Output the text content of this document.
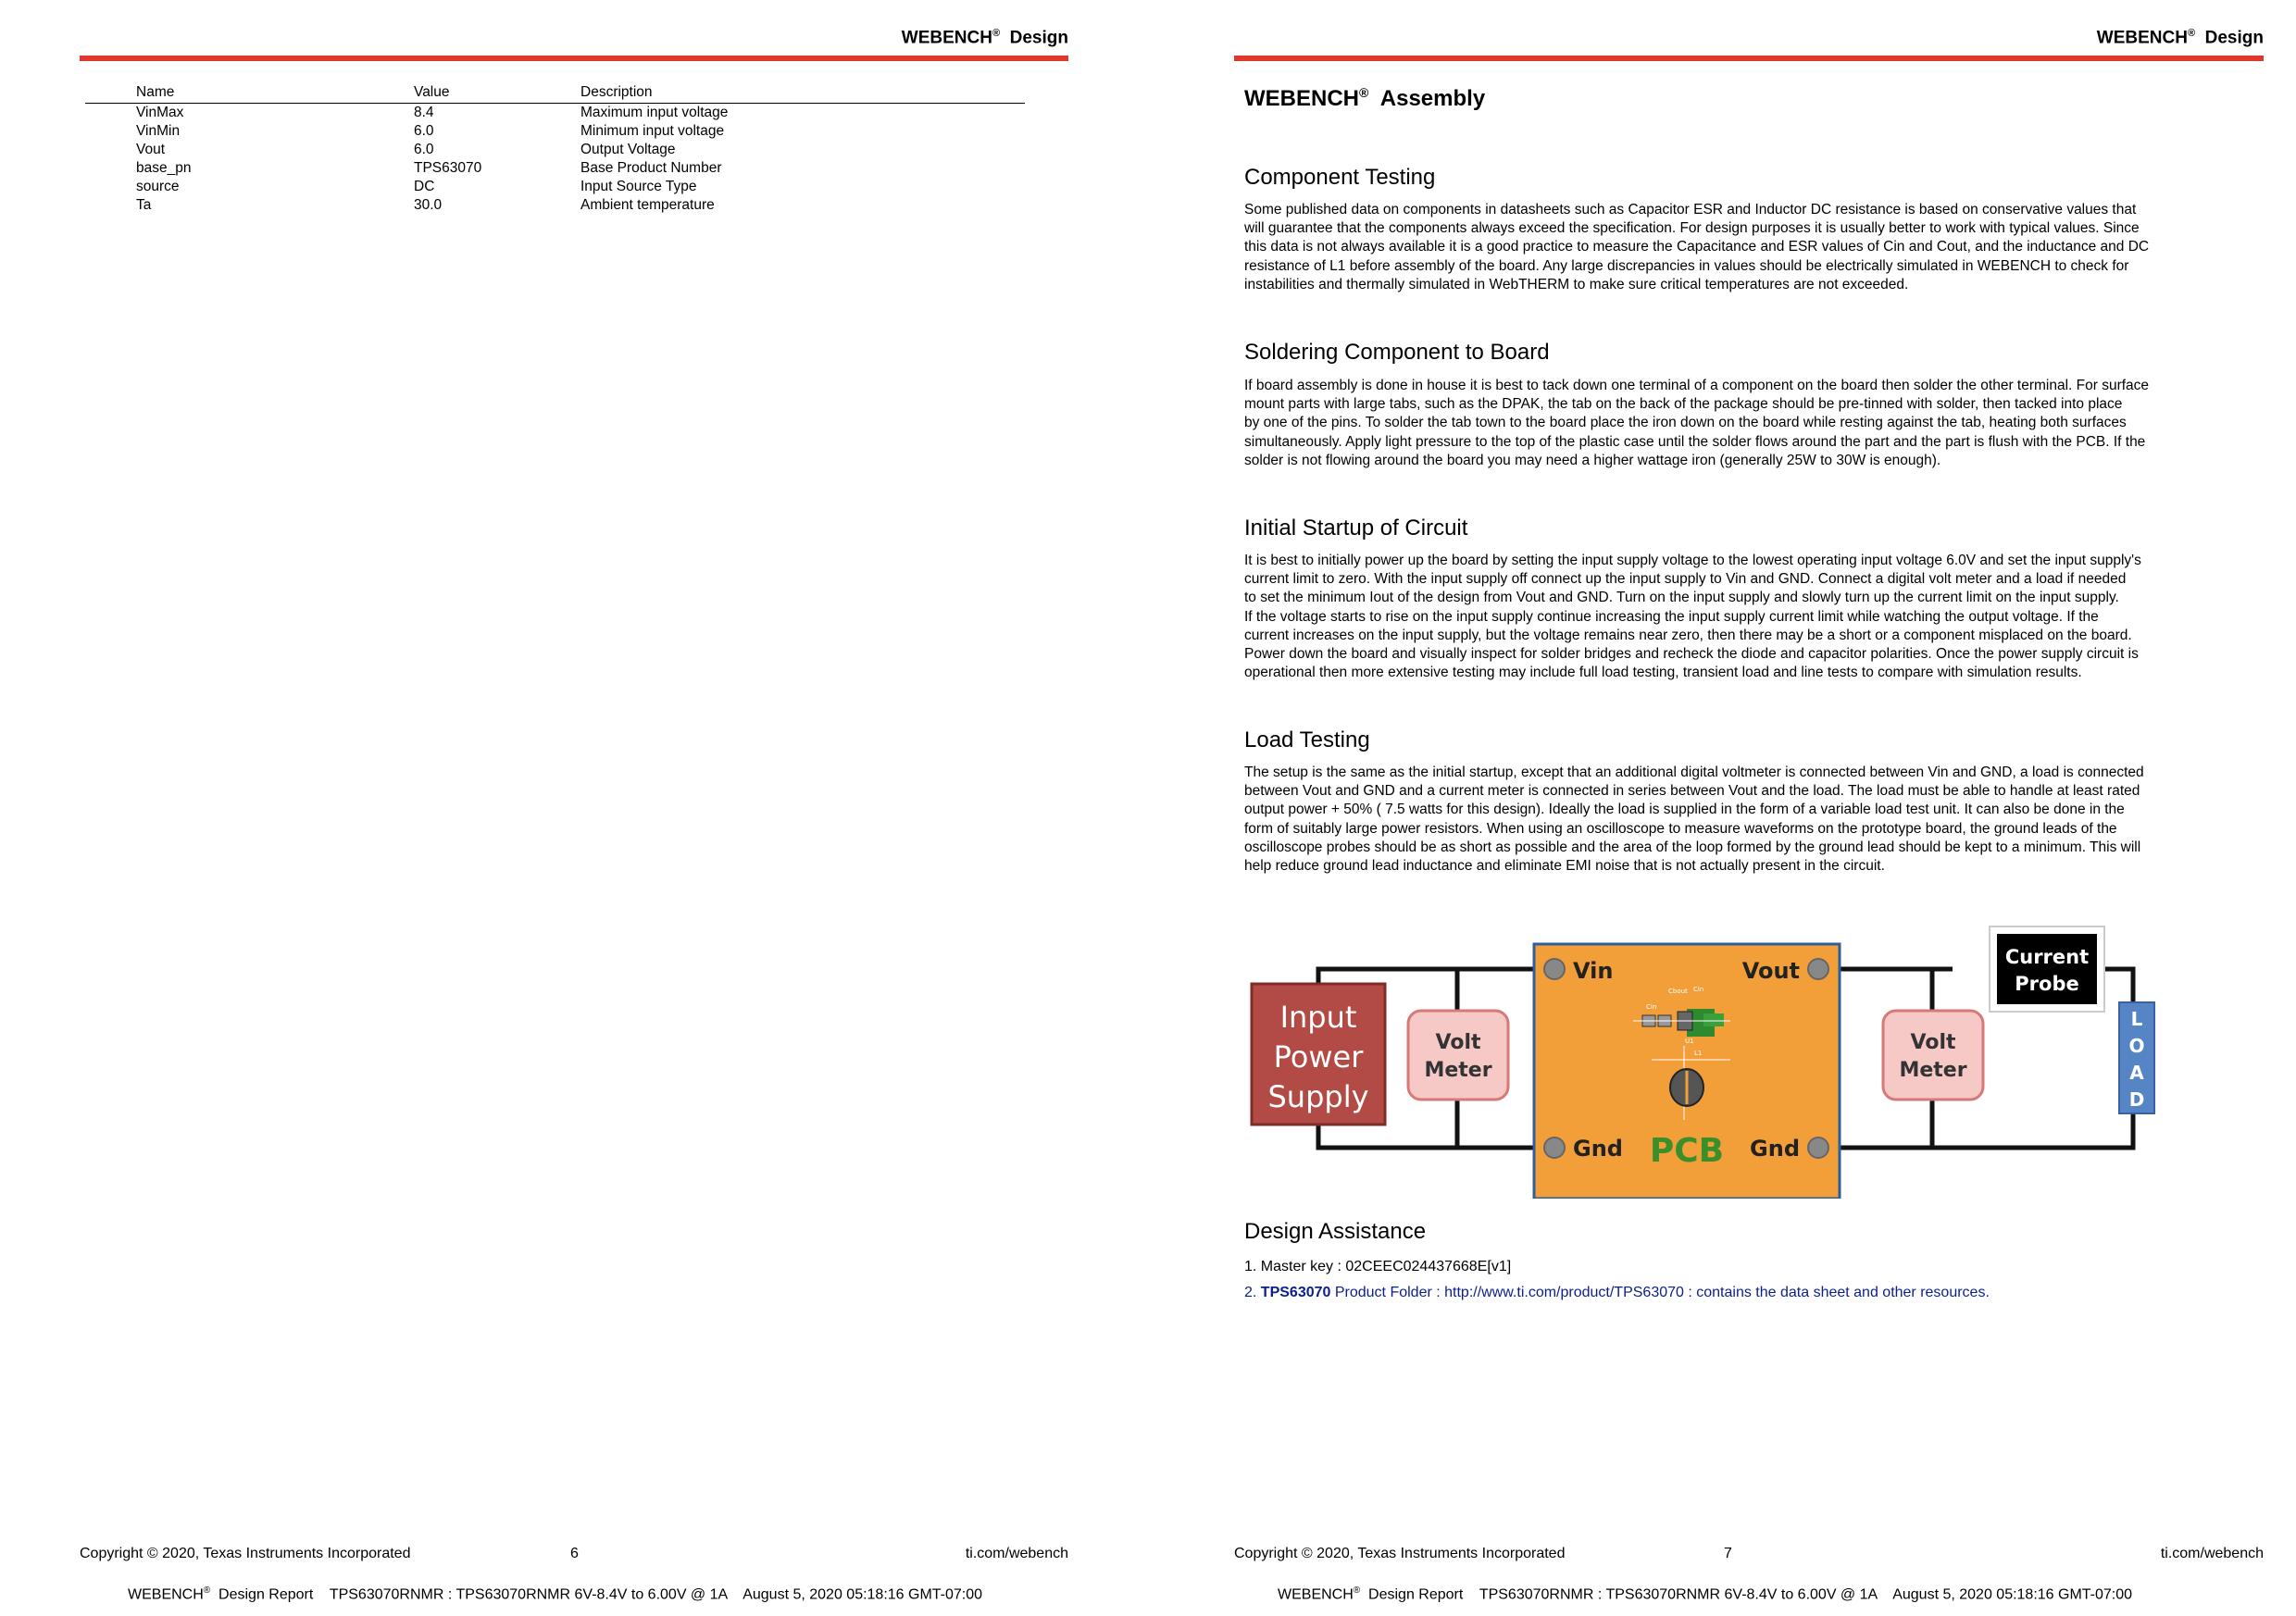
WEBENCH® Design
Name	Value	Description
VinMax	8.4	Maximum input voltage
VinMin	6.0	Minimum input voltage
Vout	6.0	Output Voltage
base_pn	TPS63070	Base Product Number
source	DC	Input Source Type
Ta	30.0	Ambient temperature
Copyright © 2020, Texas Instruments Incorporated	6	ti.com/webench
WEBENCH® Design Report    TPS63070RNMR : TPS63070RNMR 6V-8.4V to 6.00V @ 1A    August 5, 2020 05:18:16 GMT-07:00
WEBENCH® Design
WEBENCH® Assembly
Component Testing
Some published data on components in datasheets such as Capacitor ESR and Inductor DC resistance is based on conservative values that
will guarantee that the components always exceed the specification. For design purposes it is usually better to work with typical values. Since
this data is not always available it is a good practice to measure the Capacitance and ESR values of Cin and Cout, and the inductance and DC
resistance of L1 before assembly of the board. Any large discrepancies in values should be electrically simulated in WEBENCH to check for
instabilities and thermally simulated in WebTHERM to make sure critical temperatures are not exceeded.
Soldering Component to Board
If board assembly is done in house it is best to tack down one terminal of a component on the board then solder the other terminal. For surface
mount parts with large tabs, such as the DPAK, the tab on the back of the package should be pre-tinned with solder, then tacked into place
by one of the pins. To solder the tab town to the board place the iron down on the board while resting against the tab, heating both surfaces
simultaneously. Apply light pressure to the top of the plastic case until the solder flows around the part and the part is flush with the PCB. If the
solder is not flowing around the board you may need a higher wattage iron (generally 25W to 30W is enough).
Initial Startup of Circuit
It is best to initially power up the board by setting the input supply voltage to the lowest operating input voltage 6.0V and set the input supply's
current limit to zero. With the input supply off connect up the input supply to Vin and GND. Connect a digital volt meter and a load if needed
to set the minimum Iout of the design from Vout and GND. Turn on the input supply and slowly turn up the current limit on the input supply.
If the voltage starts to rise on the input supply continue increasing the input supply current limit while watching the output voltage. If the
current increases on the input supply, but the voltage remains near zero, then there may be a short or a component misplaced on the board.
Power down the board and visually inspect for solder bridges and recheck the diode and capacitor polarities. Once the power supply circuit is
operational then more extensive testing may include full load testing, transient load and line tests to compare with simulation results.
Load Testing
The setup is the same as the initial startup, except that an additional digital voltmeter is connected between Vin and GND, a load is connected
between Vout and GND and a current meter is connected in series between Vout and the load. The load must be able to handle at least rated
output power + 50% ( 7.5 watts for this design). Ideally the load is supplied in the form of a variable load test unit. It can also be done in the
form of suitably large power resistors. When using an oscilloscope to measure waveforms on the prototype board, the ground leads of the
oscilloscope probes should be as short as possible and the area of the loop formed by the ground lead should be kept to a minimum. This will
help reduce ground lead inductance and eliminate EMI noise that is not actually present in the circuit.
Input
Power
Supply
Volt
Meter
Vin	Vout
Gnd	Gnd
PCB
Cin
Cbout Cin
U1
L1	Volt
Meter
Current
Probe
L
O
A
D
Design Assistance
1. Master key : 02CEEC024437668E[v1]
2. TPS63070 Product Folder : http://www.ti.com/product/TPS63070 : contains the data sheet and other resources.
Copyright © 2020, Texas Instruments Incorporated	7	ti.com/webench
WEBENCH® Design Report    TPS63070RNMR : TPS63070RNMR 6V-8.4V to 6.00V @ 1A    August 5, 2020 05:18:16 GMT-07:00
